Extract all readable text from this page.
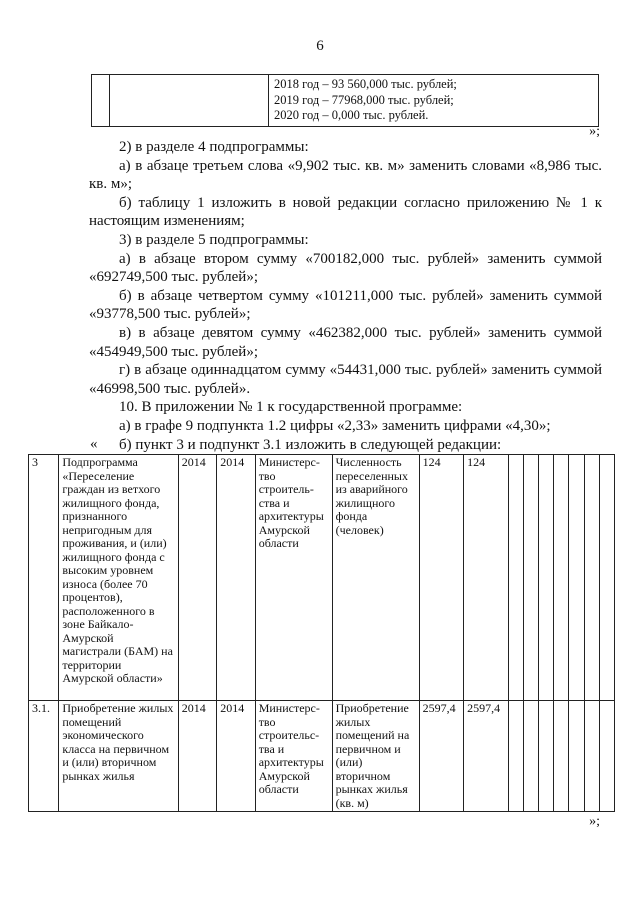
6

2018 год – 93 560,000 тыс. рублей;
2019 год – 77968,000 тыс. рублей;
2020 год – 0,000 тыс. рублей.
»;

2) в разделе 4 подпрограммы:

а) в абзаце третьем слова «9,902 тыс. кв. м» заменить словами «8,986 тыс. кв. м»;

б) таблицу 1 изложить в новой редакции согласно приложению № 1 к настоящим изменениям;

3) в разделе 5 подпрограммы:

а) в абзаце втором сумму «700182,000 тыс. рублей» заменить суммой «692749,500 тыс. рублей»;

б) в абзаце четвертом сумму «101211,000 тыс. рублей» заменить суммой «93778,500 тыс. рублей»;

в) в абзаце девятом сумму «462382,000 тыс. рублей» заменить суммой «454949,500 тыс. рублей»;

г) в абзаце одиннадцатом сумму «54431,000 тыс. рублей» заменить суммой «46998,500 тыс. рублей».

10. В приложении № 1 к государственной программе:

а) в графе 9 подпункта 1.2 цифры «2,33» заменить цифрами «4,30»;

б) пункт 3 и подпункт 3.1 изложить в следующей редакции:

«
3	Подпрограмма «Переселение граждан из ветхого жилищного фонда, признанного непригодным для проживания, и (или) жилищного фонда с высоким уровнем износа (более 70 процентов), расположенного в зоне Байкало-Амурской магистрали (БАМ) на территории Амурской области»	2014	2014	Министерс-тво строитель-ства и архитектуры Амурской области	Численность переселенных из аварийного жилищного фонда (человек)	124	124							
3.1.	Приобретение жилых помещений экономического класса на первичном и (или) вторичном рынках жилья	2014	2014	Министерс-тво строительс-тва и архитектуры Амурской области	Приобретение жилых помещений на первичном и (или) вторичном рынках жилья (кв. м)	2597,4	2597,4							
»;
